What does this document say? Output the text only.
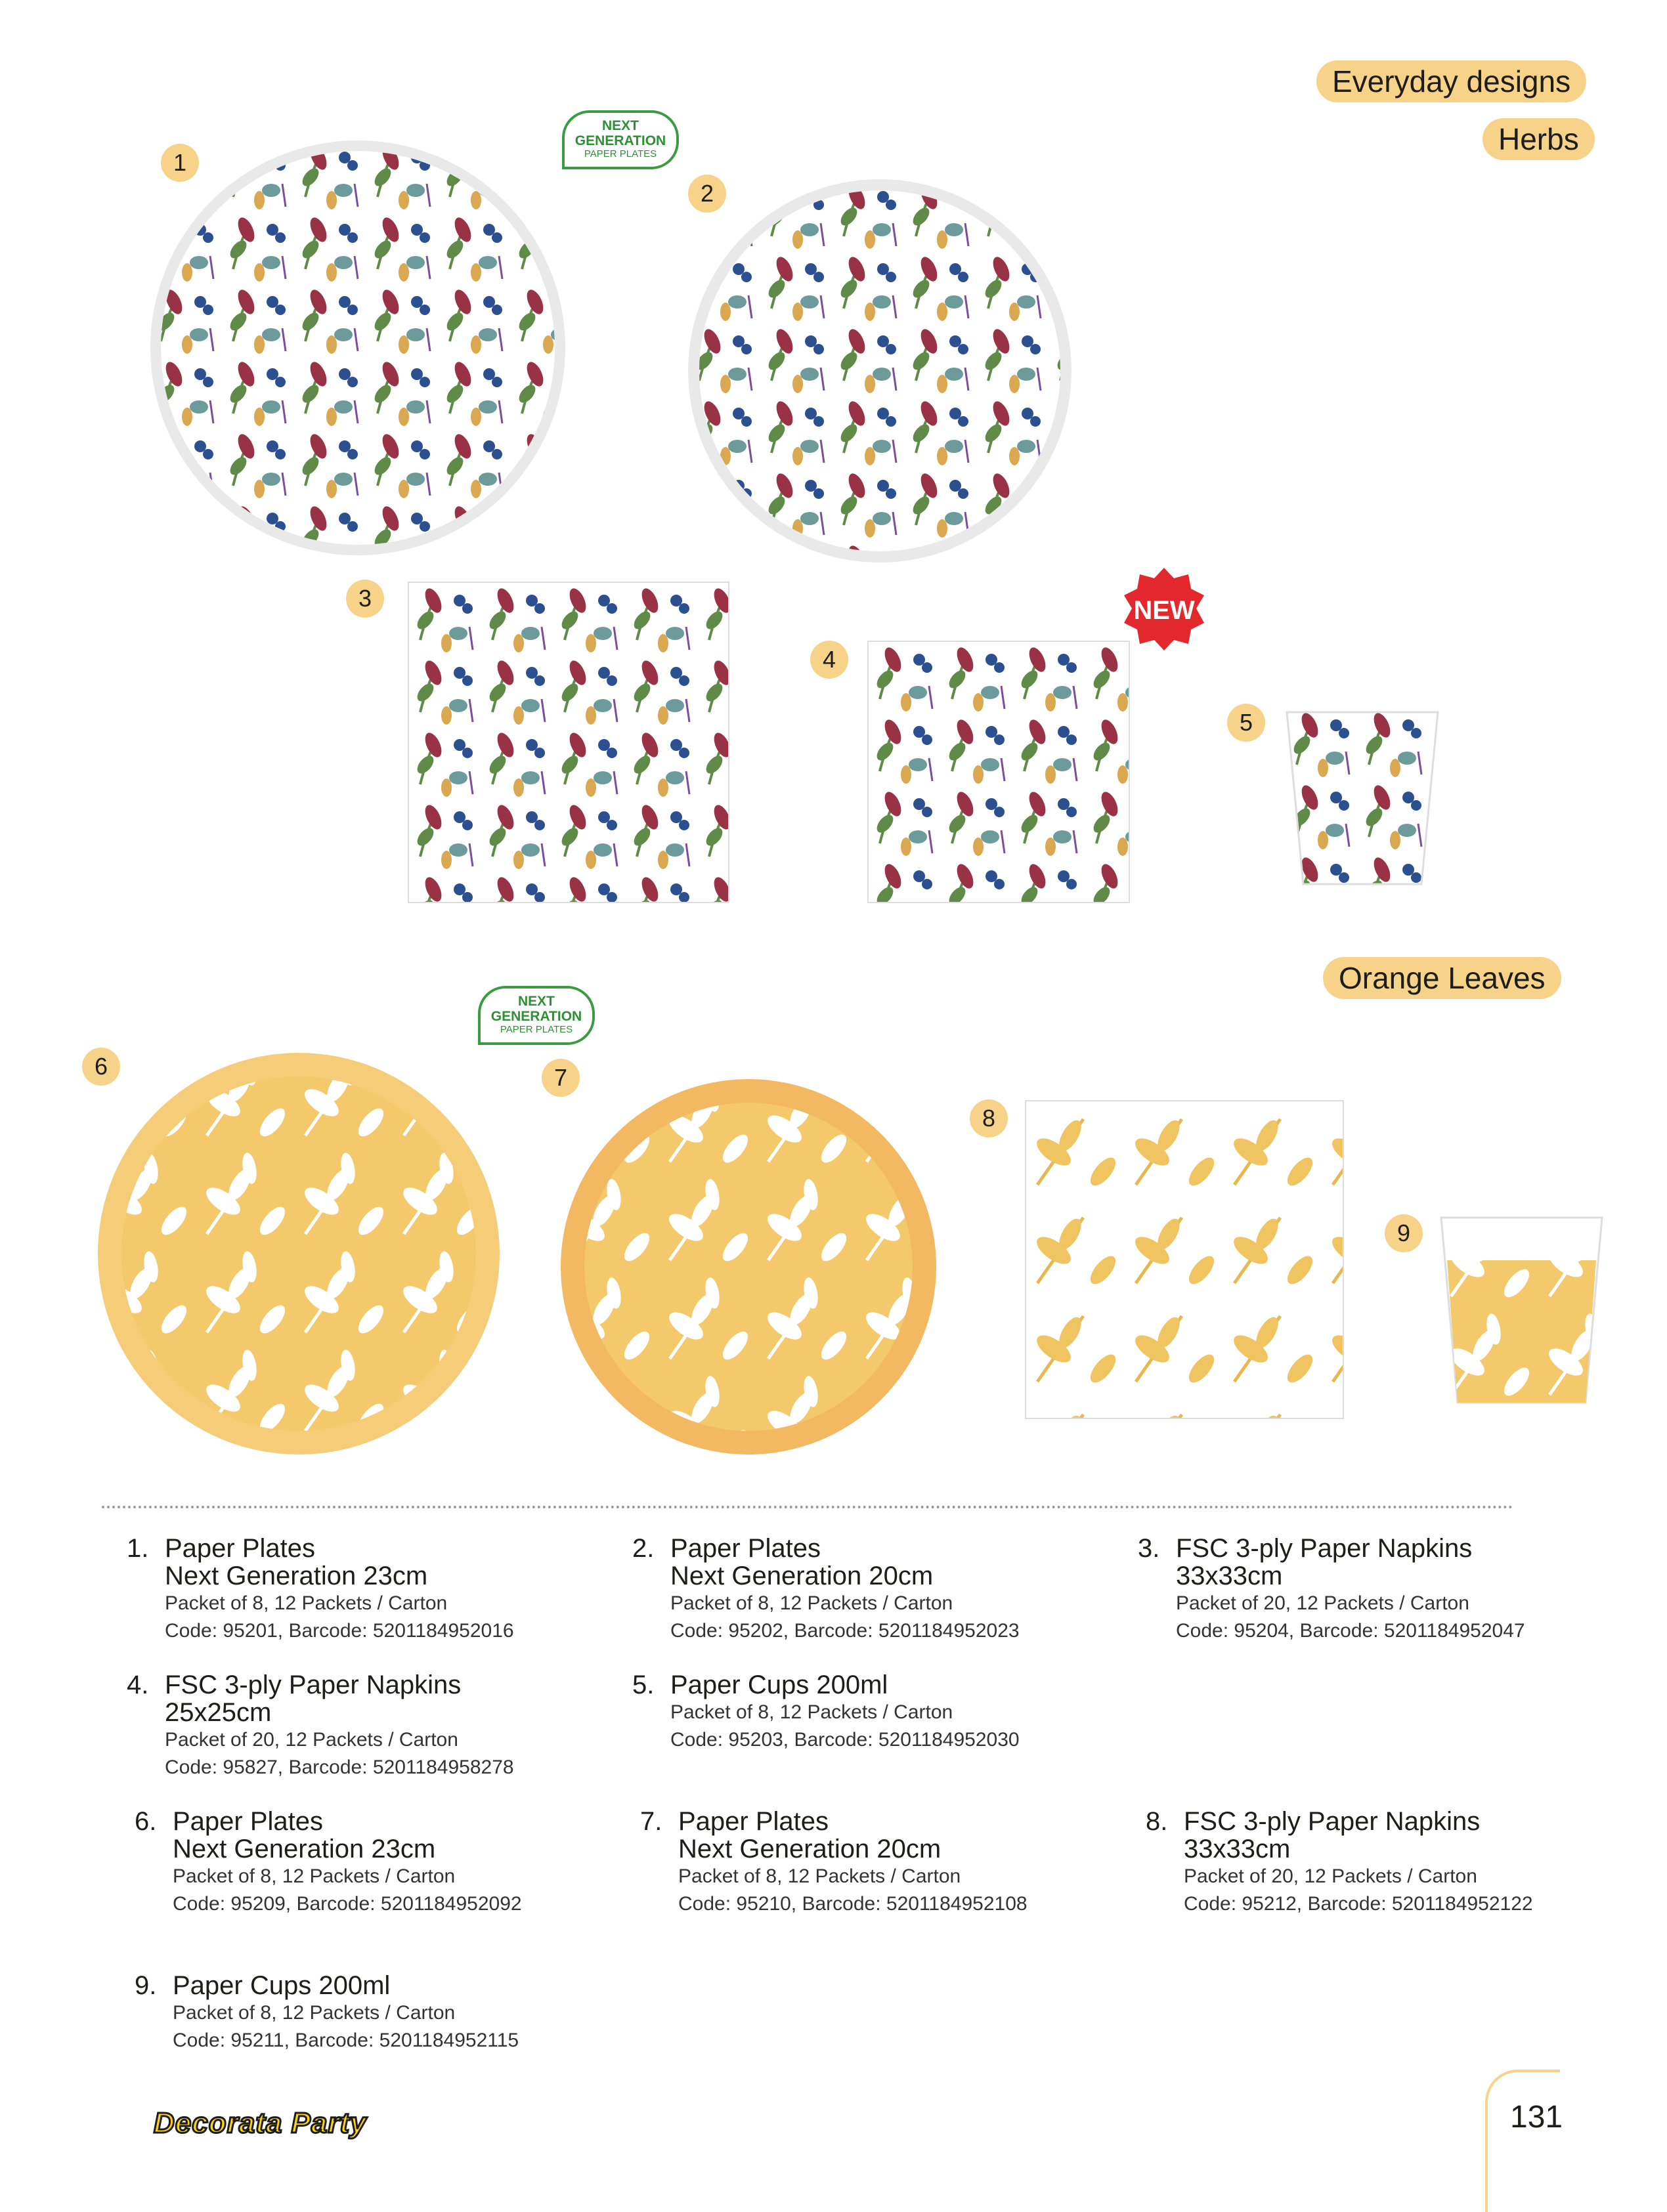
Everyday designs
Herbs
Orange Leaves
NEXT
GENERATION
PAPER PLATES
NEXT
GENERATION
PAPER PLATES
NEW
1
2
3
4
5
6	7
8
9
1. Paper Plates
Next Generation 23cm
Packet of 8, 12 Packets / Carton
Code: 95201, Barcode: 5201184952016
2. Paper Plates
Next Generation 20cm
Packet of 8, 12 Packets / Carton
Code: 95202, Barcode: 5201184952023
3. FSC 3-ply Paper Napkins
33x33cm
Packet of 20, 12 Packets / Carton
Code: 95204, Barcode: 5201184952047
4. FSC 3-ply Paper Napkins
25x25cm
Packet of 20, 12 Packets / Carton
Code: 95827, Barcode: 5201184958278
5. Paper Cups 200ml
Packet of 8, 12 Packets / Carton
Code: 95203, Barcode: 5201184952030
6. Paper Plates
Next Generation 23cm
Packet of 8, 12 Packets / Carton
Code: 95209, Barcode: 5201184952092
7. Paper Plates
Next Generation 20cm
Packet of 8, 12 Packets / Carton
Code: 95210, Barcode: 5201184952108
8. FSC 3-ply Paper Napkins
33x33cm
Packet of 20, 12 Packets / Carton
Code: 95212, Barcode: 5201184952122
9. Paper Cups 200ml
Packet of 8, 12 Packets / Carton
Code: 95211, Barcode: 5201184952115
Decorata Party	131
